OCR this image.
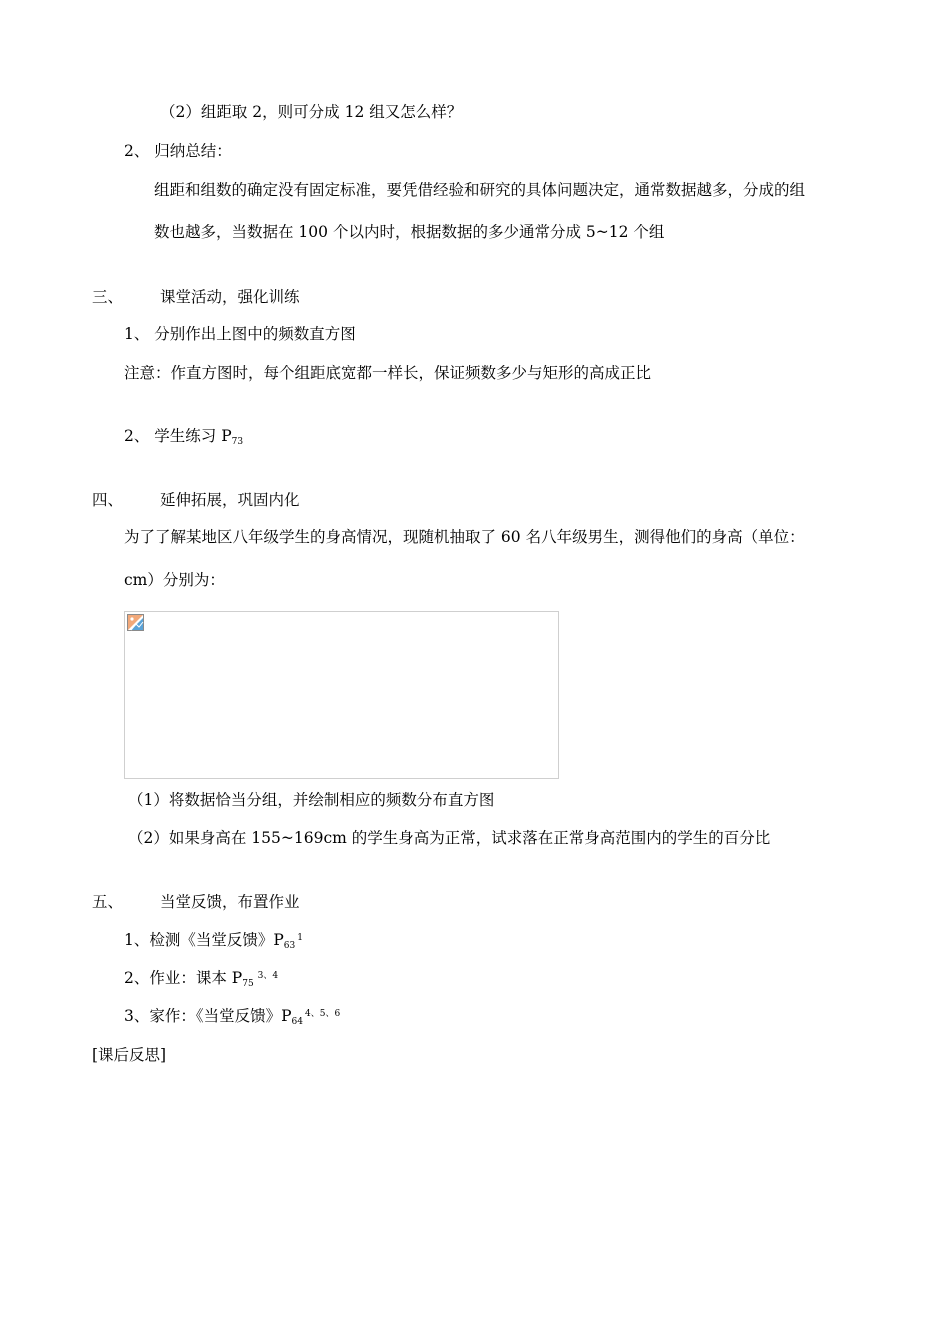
（2）组距取 2，则可分成 12 组又怎么样？
2、 归纳总结：
组距和组数的确定没有固定标准，要凭借经验和研究的具体问题决定，通常数据越多，分成的组
数也越多，当数据在 100 个以内时，根据数据的多少通常分成 5~12 个组
三、 课堂活动，强化训练
1、 分别作出上图中的频数直方图
注意：作直方图时，每个组距底宽都一样长，保证频数多少与矩形的高成正比
2、 学生练习 $P_{73}$
四、 延伸拓展，巩固内化
为了了解某地区八年级学生的身高情况，现随机抽取了 60 名八年级男生，测得他们的身高（单位：
cm）分别为：
（1）将数据恰当分组，并绘制相应的频数分布直方图
（2）如果身高在 155~169cm 的学生身高为正常，试求落在正常身高范围内的学生的百分比
五、 当堂反馈，布置作业
1、检测《当堂反馈》$P_{63}^1$
2、作业：课本 $P_{75}^{3、4}$
3、家作：《当堂反馈》$P_{64}^{4、5、6}$
[课后反思]
